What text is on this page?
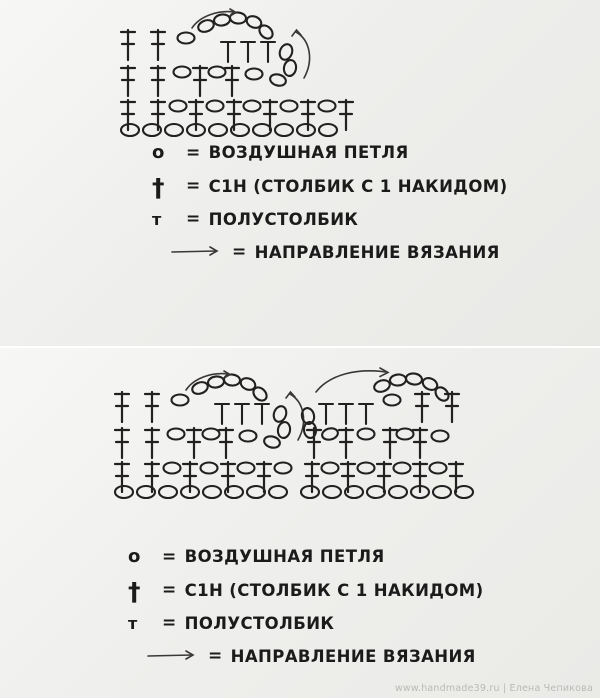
o	= ВОЗДУШНАЯ ПЕТЛЯ
†	= С1Н (СТОЛБИК С 1 НАКИДОМ)
т	= ПОЛУСТОЛБИК
= НАПРАВЛЕНИЕ ВЯЗАНИЯ
o	= ВОЗДУШНАЯ ПЕТЛЯ
†	= С1Н (СТОЛБИК С 1 НАКИДОМ)
т	= ПОЛУСТОЛБИК
= НАПРАВЛЕНИЕ ВЯЗАНИЯ
www.handmade39.ru | Елена Чепикова
